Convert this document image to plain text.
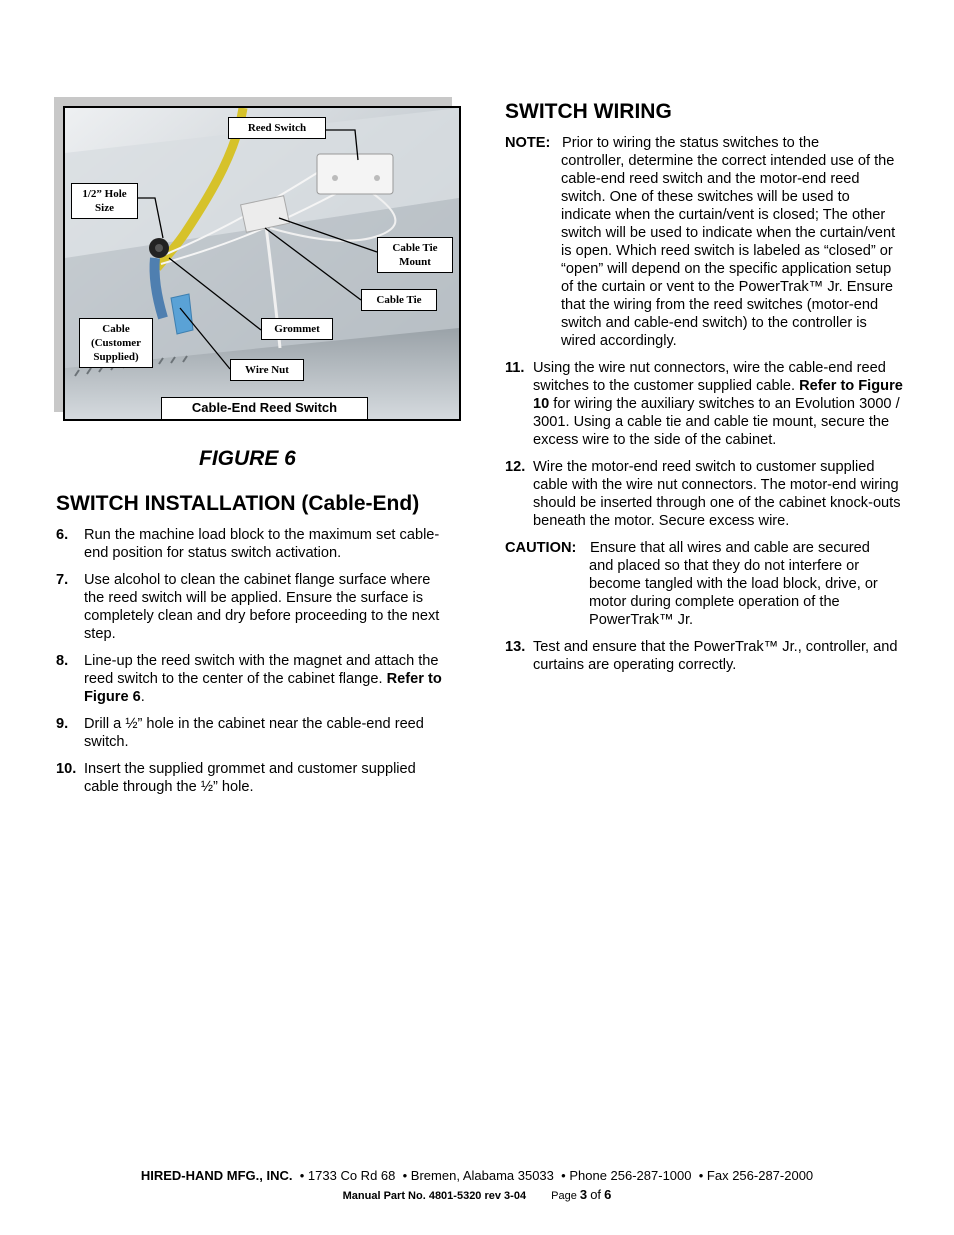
Reed Switch
1/2” Hole
Size
Cable Tie
Mount
Cable Tie
Grommet
Cable
(Customer
Supplied)
Wire Nut
Cable-End Reed Switch
FIGURE 6
SWITCH INSTALLATION (Cable-End)
6. Run the machine load block to the maximum set cable-end position for status switch activation.
7. Use alcohol to clean the cabinet flange surface where the reed switch will be applied. Ensure the surface is completely clean and dry before proceeding to the next step.
8. Line-up the reed switch with the magnet and attach the reed switch to the center of the cabinet flange. Refer to Figure 6.
9. Drill a ½” hole in the cabinet near the cable-end reed switch.
10. Insert the supplied grommet and customer supplied cable through the ½” hole.
SWITCH WIRING
NOTE: Prior to wiring the status switches to the
controller, determine the correct intended use of the cable-end reed switch and the motor-end reed switch. One of these switches will be used to indicate when the curtain/vent is closed; The other switch will be used to indicate when the curtain/vent is open. Which reed switch is labeled as “closed” or “open” will depend on the specific application setup of the curtain or vent to the PowerTrak™ Jr. Ensure that the wiring from the reed switches (motor-end switch and cable-end switch) to the controller is wired accordingly.
11. Using the wire nut connectors, wire the cable-end reed switches to the customer supplied cable. Refer to Figure 10 for wiring the auxiliary switches to an Evolution 3000 / 3001. Using a cable tie and cable tie mount, secure the excess wire to the side of the cabinet.
12. Wire the motor-end reed switch to customer supplied cable with the wire nut connectors. The motor-end wiring should be inserted through one of the cabinet knock-outs beneath the motor. Secure excess wire.
CAUTION: Ensure that all wires and cable are secured
and placed so that they do not interfere or become tangled with the load block, drive, or motor during complete operation of the PowerTrak™ Jr.
13. Test and ensure that the PowerTrak™ Jr., controller, and curtains are operating correctly.
HIRED-HAND MFG., INC. • 1733 Co Rd 68 • Bremen, Alabama 35033 • Phone 256-287-1000 • Fax 256-287-2000
Manual Part No. 4801-5320 rev 3-04 Page 3 of 6
